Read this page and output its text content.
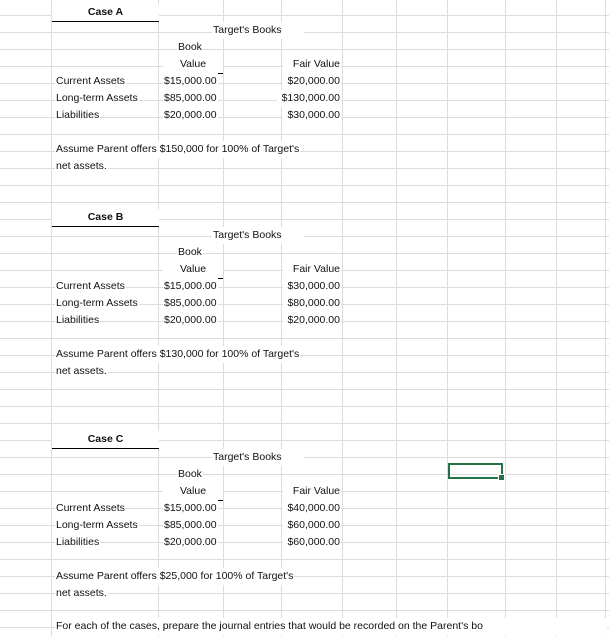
Case A
Target's Books
Book
Value	Fair Value
Current Assets	$15,000.00	$20,000.00
Long-term Assets	$85,000.00	$130,000.00
Liabilities	$20,000.00	$30,000.00
Assume Parent offers $150,000 for 100% of Target's
net assets.
Case B
Target's Books
Book
Value	Fair Value
Current Assets	$15,000.00	$30,000.00
Long-term Assets	$85,000.00	$80,000.00
Liabilities	$20,000.00	$20,000.00
Assume Parent offers $130,000 for 100% of Target's
net assets.
Case C
Target's Books
Book
Value	Fair Value
Current Assets	$15,000.00	$40,000.00
Long-term Assets	$85,000.00	$60,000.00
Liabilities	$20,000.00	$60,000.00
Assume Parent offers $25,000 for 100% of Target's
net assets.
For each of the cases, prepare the journal entries that would be recorded on the Parent's bo
